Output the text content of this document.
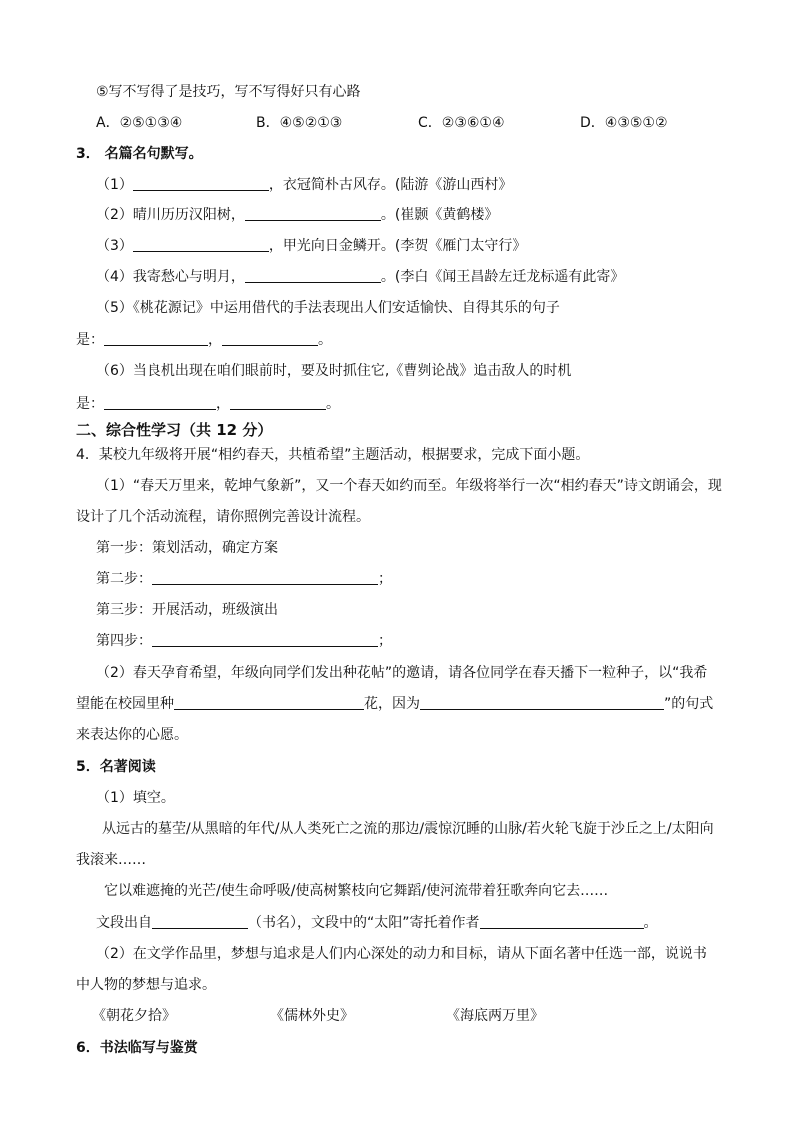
⑤写不写得了是技巧，写不写得好只有心路
A．②⑤①③④	B．④⑤②①③	C．②③⑥①④	D．④③⑤①②
3． 名篇名句默写。
（1）	，衣冠简朴古风存。(陆游《游山西村》
（2）晴川历历汉阳树，	。(崔颢《黄鹤楼》
（3）	，甲光向日金鳞开。(李贺《雁门太守行》
（4）我寄愁心与明月，	。(李白《闻王昌龄左迁龙标遥有此寄》
（5）《桃花源记》中运用借代的手法表现出人们安适愉快、自得其乐的句子
是：	，	。
（6）当良机出现在咱们眼前时，要及时抓住它,《曹刿论战》追击敌人的时机
是：	，	。
二、综合性学习（共 12 分）
4．某校九年级将开展“相约春天，共植希望”主题活动，根据要求，完成下面小题。
（1）“春天万里来，乾坤气象新”，又一个春天如约而至。年级将举行一次“相约春天”诗文朗诵会，现
设计了几个活动流程，请你照例完善设计流程。
第一步：策划活动，确定方案
第二步：	；
第三步：开展活动，班级演出
第四步：	；
（2）春天孕育希望，年级向同学们发出种花帖”的邀请，请各位同学在春天播下一粒种子，以“我希
望能在校园里种	花，因为	”的句式
来表达你的心愿。
5．名著阅读
（1）填空。
从远古的墓茔/从黑暗的年代/从人类死亡之流的那边/震惊沉睡的山脉/若火轮飞旋于沙丘之上/太阳向
我滚来……
它以难遮掩的光芒/使生命呼吸/使高树繁枝向它舞蹈/使河流带着狂歌奔向它去……
文段出自	（书名），文段中的“太阳”寄托着作者	。
（2）在文学作品里，梦想与追求是人们内心深处的动力和目标，请从下面名著中任选一部，说说书
中人物的梦想与追求。
《朝花夕拾》	《儒林外史》	《海底两万里》
6．书法临写与鉴赏
